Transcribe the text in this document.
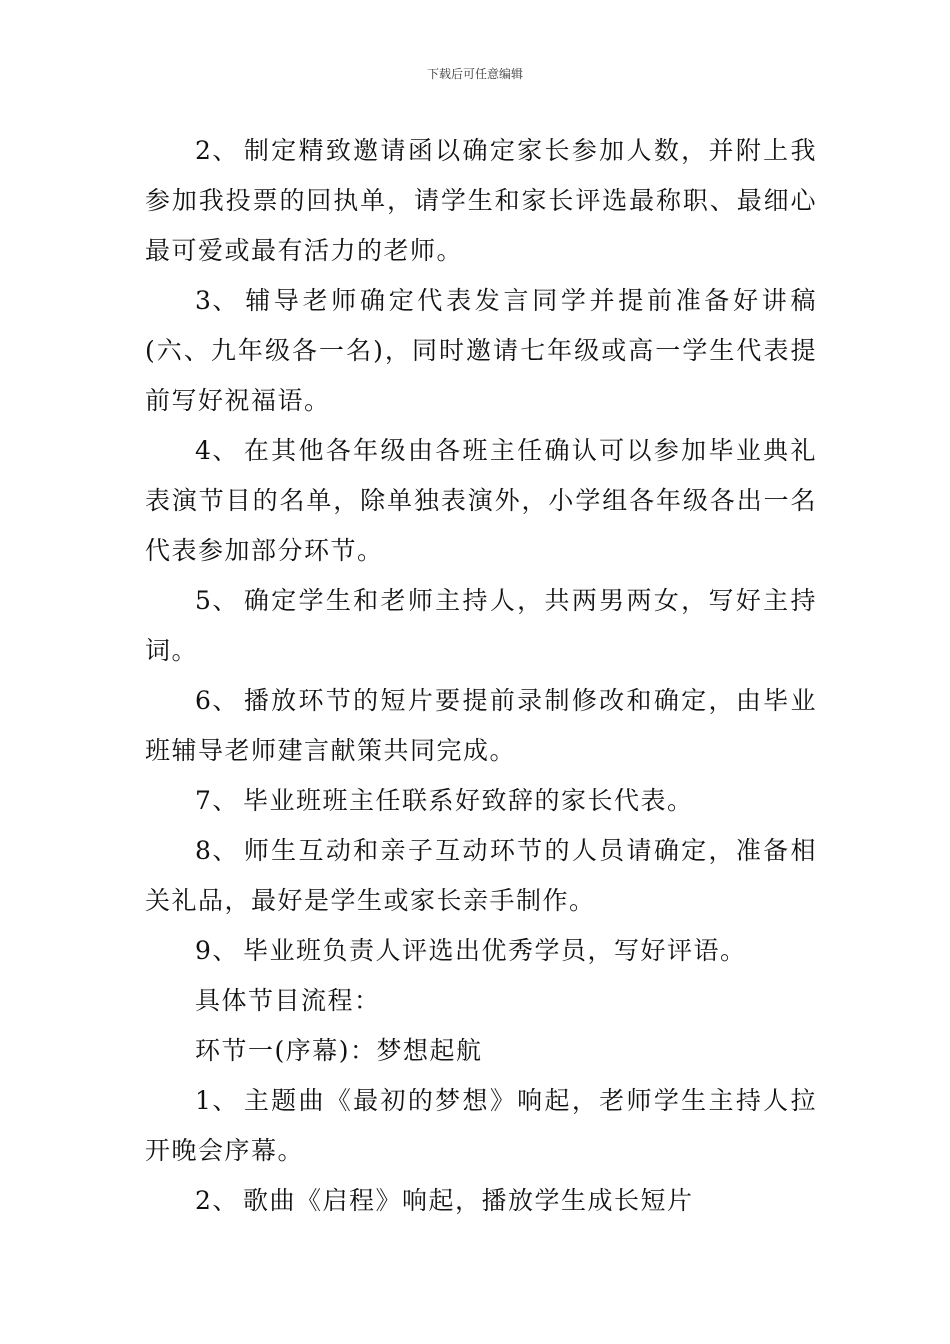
下载后可任意编辑

2、 制定精致邀请函以确定家长参加人数，并附上我参加我投票的回执单，请学生和家长评选最称职、最细心最可爱或最有活力的老师。

3、 辅导老师确定代表发言同学并提前准备好讲稿(六、九年级各一名)，同时邀请七年级或高一学生代表提前写好祝福语。

4、 在其他各年级由各班主任确认可以参加毕业典礼表演节目的名单，除单独表演外，小学组各年级各出一名代表参加部分环节。

5、 确定学生和老师主持人，共两男两女，写好主持词。

6、 播放环节的短片要提前录制修改和确定，由毕业班辅导老师建言献策共同完成。

7、 毕业班班主任联系好致辞的家长代表。

8、 师生互动和亲子互动环节的人员请确定，准备相关礼品，最好是学生或家长亲手制作。

9、 毕业班负责人评选出优秀学员，写好评语。

具体节目流程：

环节一(序幕)：梦想起航

1、 主题曲《最初的梦想》响起，老师学生主持人拉开晚会序幕。

2、 歌曲《启程》响起，播放学生成长短片
